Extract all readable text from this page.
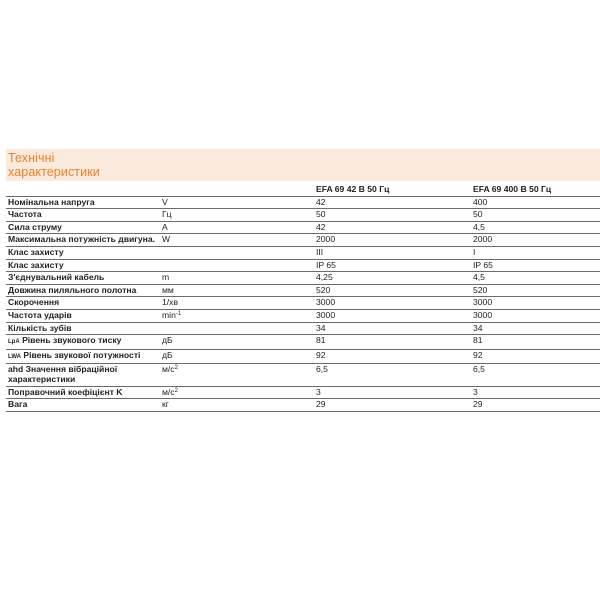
Технічні характеристики
		EFA 69 42 B 50 Гц	EFA 69 400 B 50 Гц
Номінальна напруга	V	42	400
Частота	Гц	50	50
Сила струму	A	42	4,5
Максимальна потужність двигуна.	W	2000	2000
Клас захисту		III	I
Клас захисту		IP 65	IP 65
З'єднувальний кабель	m	4,25	4,5
Довжина пиляльного полотна	мм	520	520
Скорочення	1/хв	3000	3000
Частота ударів	$\min^{-1}$	3000	3000
Кількість зубів		34	34
LpA Рівень звукового тиску	дБ	81	81
LWA Рівень звукової потужності	дБ	92	92
ahd Значення вібраційної характеристики	$м/с^2$	6,5	6,5
Поправочний коефіцієнт K	$м/с^2$	3	3
Вага	кг	29	29
